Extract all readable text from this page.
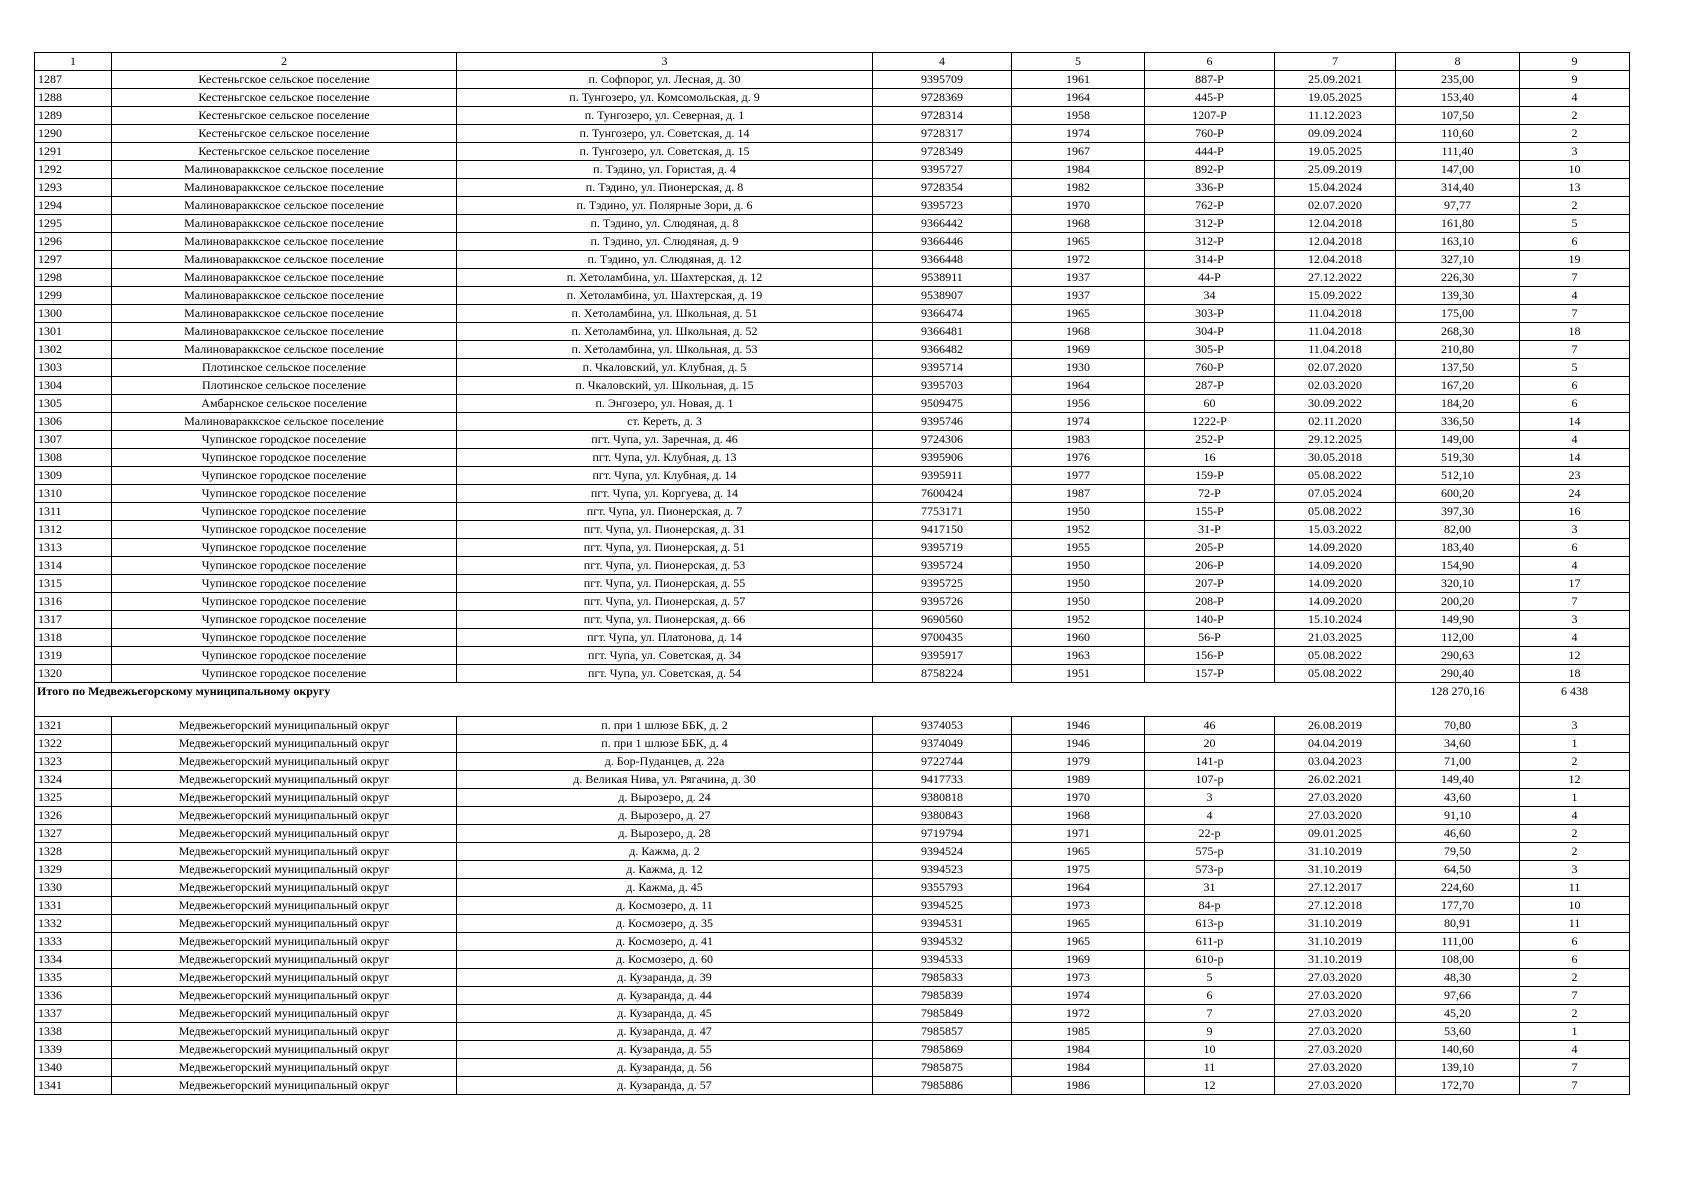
1	2	3	4	5	6	7	8	9
1287	Кестеньгское сельское поселение	п. Софпорог, ул. Лесная, д. 30	9395709	1961	887-Р	25.09.2021	235,00	9
1288	Кестеньгское сельское поселение	п. Тунгозеро, ул. Комсомольская, д. 9	9728369	1964	445-Р	19.05.2025	153,40	4
1289	Кестеньгское сельское поселение	п. Тунгозеро, ул. Северная, д. 1	9728314	1958	1207-Р	11.12.2023	107,50	2
1290	Кестеньгское сельское поселение	п. Тунгозеро, ул. Советская, д. 14	9728317	1974	760-Р	09.09.2024	110,60	2
1291	Кестеньгское сельское поселение	п. Тунгозеро, ул. Советская, д. 15	9728349	1967	444-Р	19.05.2025	111,40	3
1292	Малиновараккское сельское поселение	п. Тэдино, ул. Гористая, д. 4	9395727	1984	892-Р	25.09.2019	147,00	10
1293	Малиновараккское сельское поселение	п. Тэдино, ул. Пионерская, д. 8	9728354	1982	336-Р	15.04.2024	314,40	13
1294	Малиновараккское сельское поселение	п. Тэдино, ул. Полярные Зори, д. 6	9395723	1970	762-Р	02.07.2020	97,77	2
1295	Малиновараккское сельское поселение	п. Тэдино, ул. Слюдяная, д. 8	9366442	1968	312-Р	12.04.2018	161,80	5
1296	Малиновараккское сельское поселение	п. Тэдино, ул. Слюдяная, д. 9	9366446	1965	312-Р	12.04.2018	163,10	6
1297	Малиновараккское сельское поселение	п. Тэдино, ул. Слюдяная, д. 12	9366448	1972	314-Р	12.04.2018	327,10	19
1298	Малиновараккское сельское поселение	п. Хетоламбина, ул. Шахтерская, д. 12	9538911	1937	44-Р	27.12.2022	226,30	7
1299	Малиновараккское сельское поселение	п. Хетоламбина, ул. Шахтерская, д. 19	9538907	1937	34	15.09.2022	139,30	4
1300	Малиновараккское сельское поселение	п. Хетоламбина, ул. Школьная, д. 51	9366474	1965	303-Р	11.04.2018	175,00	7
1301	Малиновараккское сельское поселение	п. Хетоламбина, ул. Школьная, д. 52	9366481	1968	304-Р	11.04.2018	268,30	18
1302	Малиновараккское сельское поселение	п. Хетоламбина, ул. Школьная, д. 53	9366482	1969	305-Р	11.04.2018	210,80	7
1303	Плотинское сельское поселение	п. Чкаловский, ул. Клубная, д. 5	9395714	1930	760-Р	02.07.2020	137,50	5
1304	Плотинское сельское поселение	п. Чкаловский, ул. Школьная, д. 15	9395703	1964	287-Р	02.03.2020	167,20	6
1305	Амбарнское сельское поселение	п. Энгозеро, ул. Новая, д. 1	9509475	1956	60	30.09.2022	184,20	6
1306	Малиновараккское сельское поселение	ст. Кереть, д. 3	9395746	1974	1222-Р	02.11.2020	336,50	14
1307	Чупинское городское поселение	пгт. Чупа, ул. Заречная, д. 46	9724306	1983	252-Р	29.12.2025	149,00	4
1308	Чупинское городское поселение	пгт. Чупа, ул. Клубная, д. 13	9395906	1976	16	30.05.2018	519,30	14
1309	Чупинское городское поселение	пгт. Чупа, ул. Клубная, д. 14	9395911	1977	159-Р	05.08.2022	512,10	23
1310	Чупинское городское поселение	пгт. Чупа, ул. Коргуева, д. 14	7600424	1987	72-Р	07.05.2024	600,20	24
1311	Чупинское городское поселение	пгт. Чупа, ул. Пионерская, д. 7	7753171	1950	155-Р	05.08.2022	397,30	16
1312	Чупинское городское поселение	пгт. Чупа, ул. Пионерская, д. 31	9417150	1952	31-Р	15.03.2022	82,00	3
1313	Чупинское городское поселение	пгт. Чупа, ул. Пионерская, д. 51	9395719	1955	205-Р	14.09.2020	183,40	6
1314	Чупинское городское поселение	пгт. Чупа, ул. Пионерская, д. 53	9395724	1950	206-Р	14.09.2020	154,90	4
1315	Чупинское городское поселение	пгт. Чупа, ул. Пионерская, д. 55	9395725	1950	207-Р	14.09.2020	320,10	17
1316	Чупинское городское поселение	пгт. Чупа, ул. Пионерская, д. 57	9395726	1950	208-Р	14.09.2020	200,20	7
1317	Чупинское городское поселение	пгт. Чупа, ул. Пионерская, д. 66	9690560	1952	140-Р	15.10.2024	149,90	3
1318	Чупинское городское поселение	пгт. Чупа, ул. Платонова, д. 14	9700435	1960	56-Р	21.03.2025	112,00	4
1319	Чупинское городское поселение	пгт. Чупа, ул. Советская, д. 34	9395917	1963	156-Р	05.08.2022	290,63	12
1320	Чупинское городское поселение	пгт. Чупа, ул. Советская, д. 54	8758224	1951	157-Р	05.08.2022	290,40	18
Итого по Медвежьегорскому муниципальному округу							128 270,16	6 438
1321	Медвежьегорский муниципальный округ	п. при 1 шлюзе ББК, д. 2	9374053	1946	46	26.08.2019	70,80	3
1322	Медвежьегорский муниципальный округ	п. при 1 шлюзе ББК, д. 4	9374049	1946	20	04.04.2019	34,60	1
1323	Медвежьегорский муниципальный округ	д. Бор-Пуданцев, д. 22а	9722744	1979	141-р	03.04.2023	71,00	2
1324	Медвежьегорский муниципальный округ	д. Великая Нива, ул. Рягачина, д. 30	9417733	1989	107-р	26.02.2021	149,40	12
1325	Медвежьегорский муниципальный округ	д. Вырозеро, д. 24	9380818	1970	3	27.03.2020	43,60	1
1326	Медвежьегорский муниципальный округ	д. Вырозеро, д. 27	9380843	1968	4	27.03.2020	91,10	4
1327	Медвежьегорский муниципальный округ	д. Вырозеро, д. 28	9719794	1971	22-р	09.01.2025	46,60	2
1328	Медвежьегорский муниципальный округ	д. Кажма, д. 2	9394524	1965	575-р	31.10.2019	79,50	2
1329	Медвежьегорский муниципальный округ	д. Кажма, д. 12	9394523	1975	573-р	31.10.2019	64,50	3
1330	Медвежьегорский муниципальный округ	д. Кажма, д. 45	9355793	1964	31	27.12.2017	224,60	11
1331	Медвежьегорский муниципальный округ	д. Космозеро, д. 11	9394525	1973	84-р	27.12.2018	177,70	10
1332	Медвежьегорский муниципальный округ	д. Космозеро, д. 35	9394531	1965	613-р	31.10.2019	80,91	11
1333	Медвежьегорский муниципальный округ	д. Космозеро, д. 41	9394532	1965	611-р	31.10.2019	111,00	6
1334	Медвежьегорский муниципальный округ	д. Космозеро, д. 60	9394533	1969	610-р	31.10.2019	108,00	6
1335	Медвежьегорский муниципальный округ	д. Кузаранда, д. 39	7985833	1973	5	27.03.2020	48,30	2
1336	Медвежьегорский муниципальный округ	д. Кузаранда, д. 44	7985839	1974	6	27.03.2020	97,66	7
1337	Медвежьегорский муниципальный округ	д. Кузаранда, д. 45	7985849	1972	7	27.03.2020	45,20	2
1338	Медвежьегорский муниципальный округ	д. Кузаранда, д. 47	7985857	1985	9	27.03.2020	53,60	1
1339	Медвежьегорский муниципальный округ	д. Кузаранда, д. 55	7985869	1984	10	27.03.2020	140,60	4
1340	Медвежьегорский муниципальный округ	д. Кузаранда, д. 56	7985875	1984	11	27.03.2020	139,10	7
1341	Медвежьегорский муниципальный округ	д. Кузаранда, д. 57	7985886	1986	12	27.03.2020	172,70	7
